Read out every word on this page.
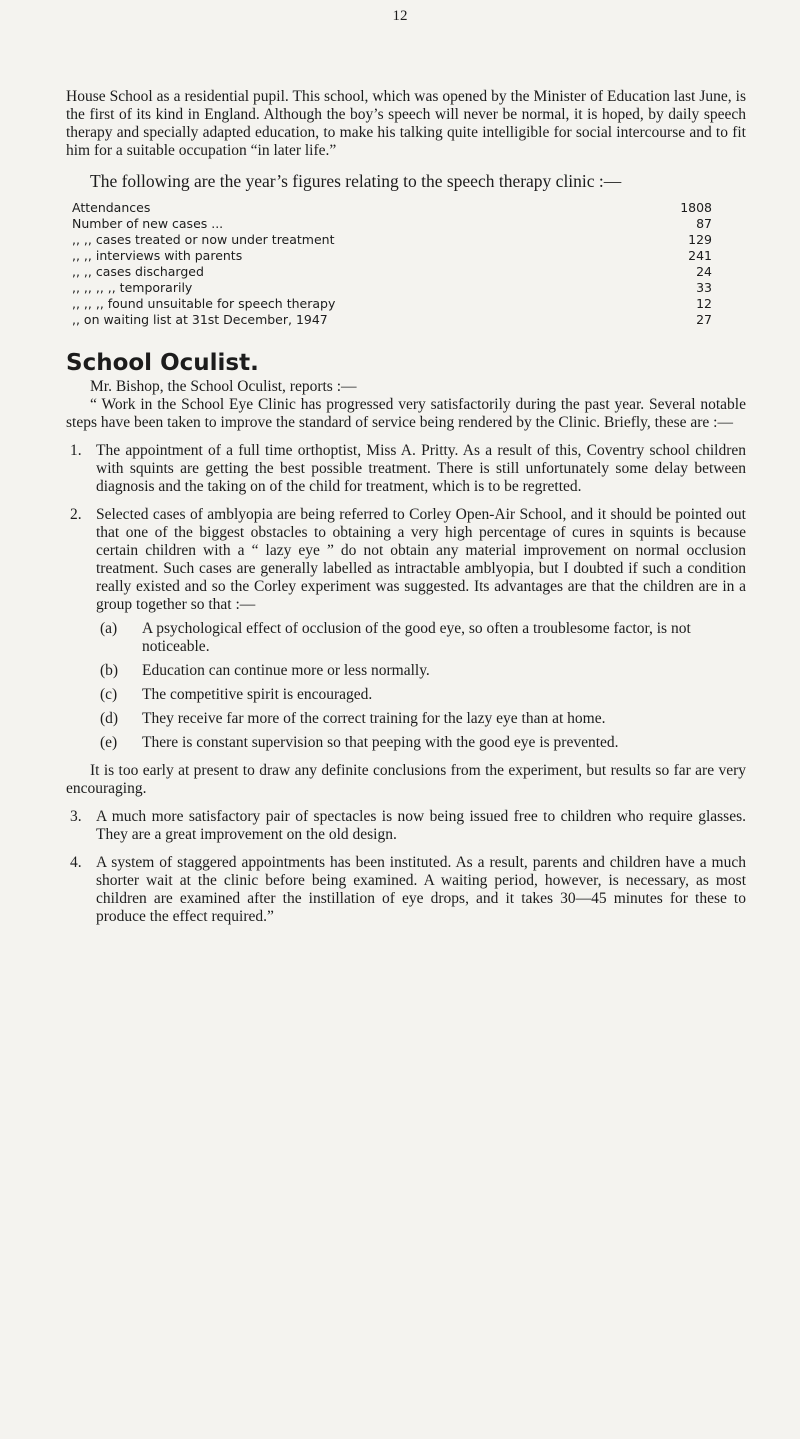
12

House School as a residential pupil. This school, which was opened by the Minister of Education last June, is the first of its kind in England. Although the boy’s speech will never be normal, it is hoped, by daily speech therapy and specially adapted education, to make his talking quite intelligible for social intercourse and to fit him for a suitable occupation “in later life.”

The following are the year’s figures relating to the speech therapy clinic :—

Attendances	1808
Number of new cases ...	87
,, ,, cases treated or now under treatment	129
,, ,, interviews with parents	241
,, ,, cases discharged	24
,, ,, ,, ,, temporarily	33
,, ,, ,, found unsuitable for speech therapy	12
,, on waiting list at 31st December, 1947	27
School Oculist.

Mr. Bishop, the School Oculist, reports :—

“ Work in the School Eye Clinic has progressed very satisfactorily during the past year. Several notable steps have been taken to improve the standard of service being rendered by the Clinic. Briefly, these are :—

1. The appointment of a full time orthoptist, Miss A. Pritty. As a result of this, Coventry school children with squints are getting the best possible treatment. There is still unfortunately some delay between diagnosis and the taking on of the child for treatment, which is to be regretted.
2. Selected cases of amblyopia are being referred to Corley Open-Air School, and it should be pointed out that one of the biggest obstacles to obtaining a very high percentage of cures in squints is because certain children with a “ lazy eye ” do not obtain any material improvement on normal occlusion treatment. Such cases are generally labelled as intractable amblyopia, but I doubted if such a condition really existed and so the Corley experiment was suggested. Its advantages are that the children are in a group together so that :—
(a)	A psychological effect of occlusion of the good eye, so often a troublesome factor, is not noticeable.
(b)	Education can continue more or less normally.
(c)	The competitive spirit is encouraged.
(d)	They receive far more of the correct training for the lazy eye than at home.
(e)	There is constant supervision so that peeping with the good eye is prevented.

It is too early at present to draw any definite conclusions from the experiment, but results so far are very encouraging.

3. A much more satisfactory pair of spectacles is now being issued free to children who require glasses. They are a great improvement on the old design.
4. A system of staggered appointments has been instituted. As a result, parents and children have a much shorter wait at the clinic before being examined. A waiting period, however, is necessary, as most children are examined after the instillation of eye drops, and it takes 30—45 minutes for these to produce the effect required.”
